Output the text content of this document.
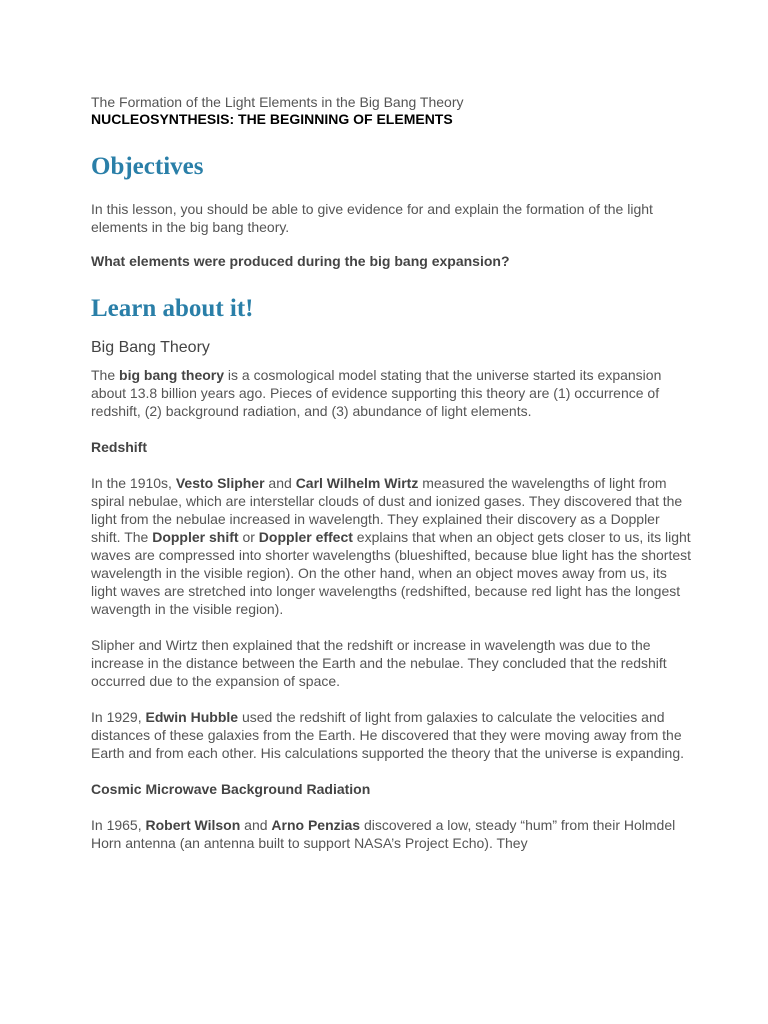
The Formation of the Light Elements in the Big Bang Theory
NUCLEOSYNTHESIS: THE BEGINNING OF ELEMENTS
Objectives

In this lesson, you should be able to give evidence for and explain the formation of the light elements in the big bang theory.

What elements were produced during the big bang expansion?

Learn about it!
Big Bang Theory

The big bang theory is a cosmological model stating that the universe started its expansion about 13.8 billion years ago. Pieces of evidence supporting this theory are (1) occurrence of redshift, (2) background radiation, and (3) abundance of light elements.

Redshift

In the 1910s, Vesto Slipher and Carl Wilhelm Wirtz measured the wavelengths of light from spiral nebulae, which are interstellar clouds of dust and ionized gases. They discovered that the light from the nebulae increased in wavelength. They explained their discovery as a Doppler shift. The Doppler shift or Doppler effect explains that when an object gets closer to us, its light waves are compressed into shorter wavelengths (blueshifted, because blue light has the shortest wavelength in the visible region). On the other hand, when an object moves away from us, its light waves are stretched into longer wavelengths (redshifted, because red light has the longest wavength in the visible region).

Slipher and Wirtz then explained that the redshift or increase in wavelength was due to the increase in the distance between the Earth and the nebulae. They concluded that the redshift occurred due to the expansion of space.

In 1929, Edwin Hubble used the redshift of light from galaxies to calculate the velocities and distances of these galaxies from the Earth. He discovered that they were moving away from the Earth and from each other. His calculations supported the theory that the universe is expanding.

Cosmic Microwave Background Radiation

In 1965, Robert Wilson and Arno Penzias discovered a low, steady “hum” from their Holmdel Horn antenna (an antenna built to support NASA’s Project Echo). They
